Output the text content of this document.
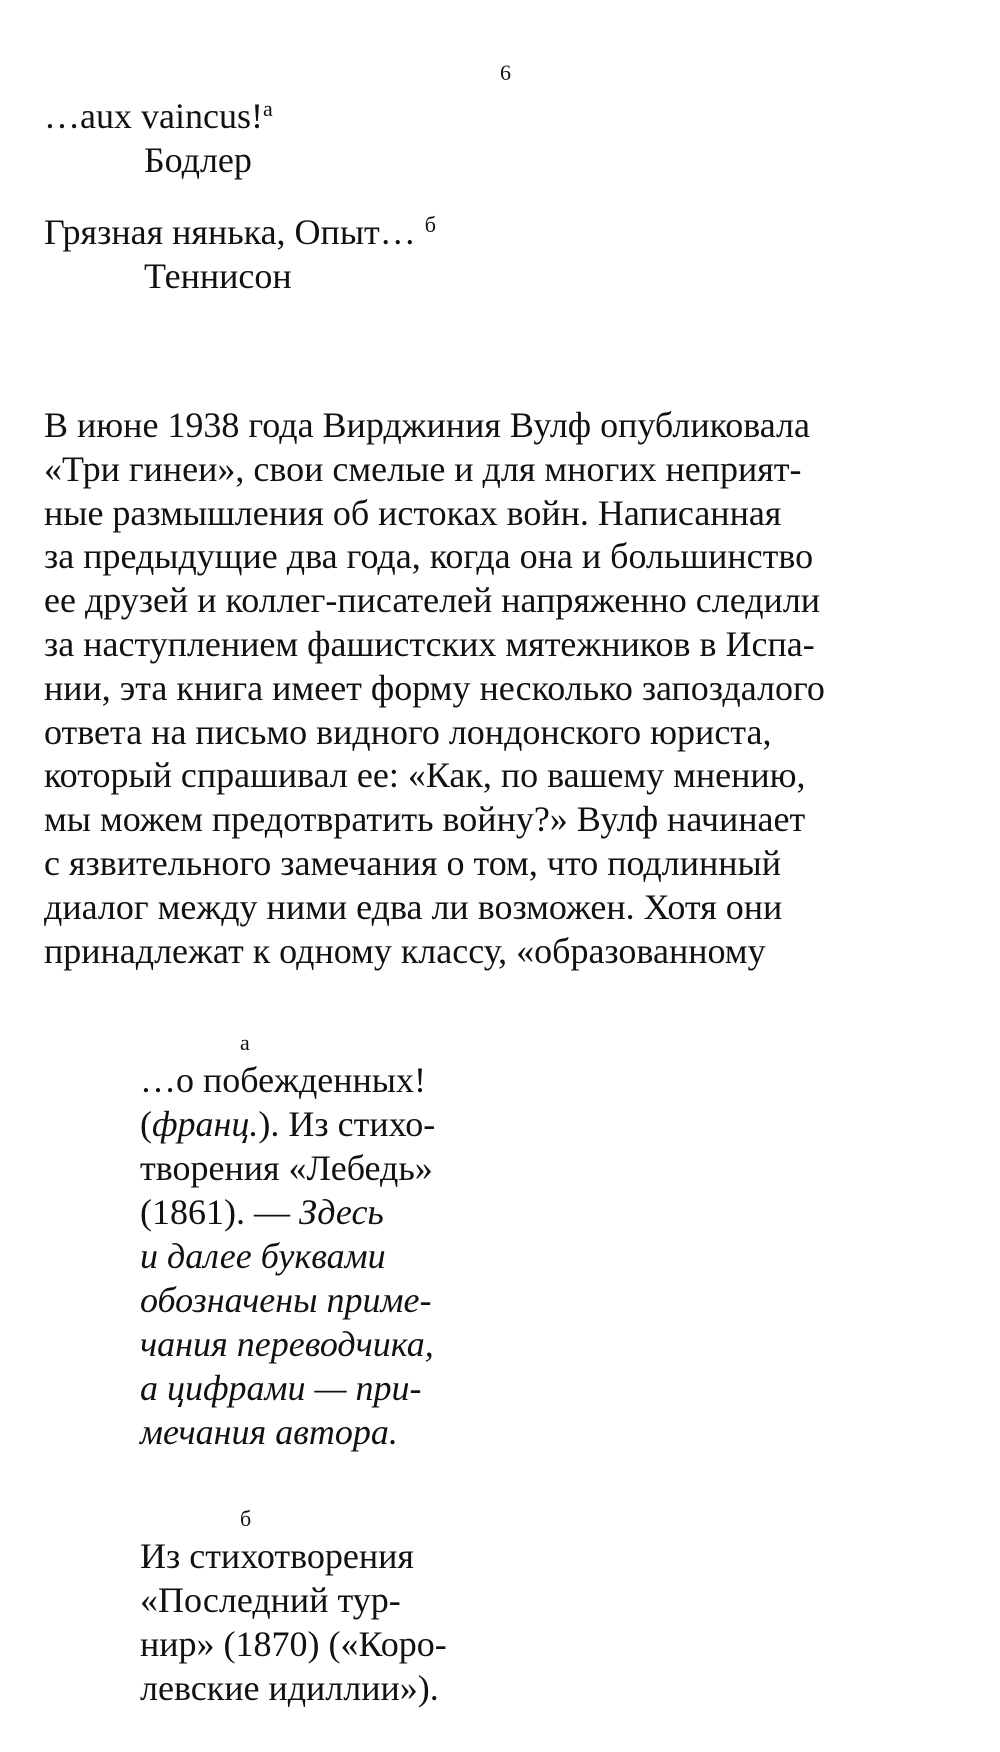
6
…aux vaincus!$^а$
Бодлер
Грязная нянька, Опыт… $^б$
Теннисон
В июне 1938 года Вирджиния Вулф опубликовала
«Три гинеи», свои смелые и для многих неприят-
ные размышления об истоках войн. Написанная
за предыдущие два года, когда она и большинство
ее друзей и коллег-писателей напряженно следили
за наступлением фашистских мятежников в Испа-
нии, эта книга имеет форму несколько запоздалого
ответа на письмо видного лондонского юриста,
который спрашивал ее: «Как, по вашему мнению,
мы можем предотвратить войну?» Вулф начинает
с язвительного замечания о том, что подлинный
диалог между ними едва ли возможен. Хотя они
принадлежат к одному классу, «образованному
а
…о побежденных!
(франц.). Из стихо-
творения «Лебедь»
(1861). — Здесь
и далее буквами
обозначены приме-
чания переводчика,
а цифрами — при-
мечания автора.
б
Из стихотворения
«Последний тур-
нир» (1870) («Коро-
левские идиллии»).
